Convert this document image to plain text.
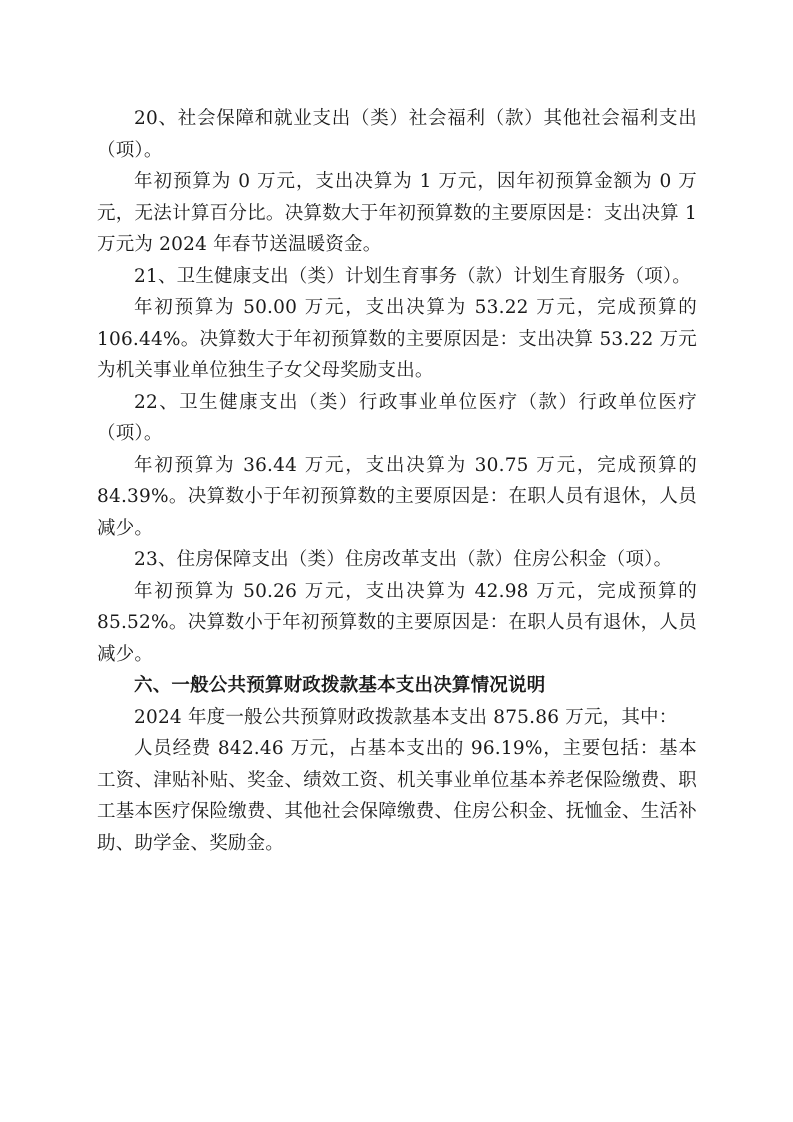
20、社会保障和就业支出（类）社会福利（款）其他社会福利支出（项）。

年初预算为 0 万元，支出决算为 1 万元，因年初预算金额为 0 万元，无法计算百分比。决算数大于年初预算数的主要原因是：支出决算 1 万元为 2024 年春节送温暖资金。

21、卫生健康支出（类）计划生育事务（款）计划生育服务（项）。

年初预算为 50.00 万元，支出决算为 53.22 万元，完成预算的 106.44%。决算数大于年初预算数的主要原因是：支出决算 53.22 万元为机关事业单位独生子女父母奖励支出。

22、卫生健康支出（类）行政事业单位医疗（款）行政单位医疗（项）。

年初预算为 36.44 万元，支出决算为 30.75 万元，完成预算的 84.39%。决算数小于年初预算数的主要原因是：在职人员有退休，人员减少。

23、住房保障支出（类）住房改革支出（款）住房公积金（项）。

年初预算为 50.26 万元，支出决算为 42.98 万元，完成预算的 85.52%。决算数小于年初预算数的主要原因是：在职人员有退休，人员减少。

六、一般公共预算财政拨款基本支出决算情况说明

2024 年度一般公共预算财政拨款基本支出 875.86 万元，其中：

人员经费 842.46 万元，占基本支出的 96.19%，主要包括：基本工资、津贴补贴、奖金、绩效工资、机关事业单位基本养老保险缴费、职工基本医疗保险缴费、其他社会保障缴费、住房公积金、抚恤金、生活补助、助学金、奖励金。
